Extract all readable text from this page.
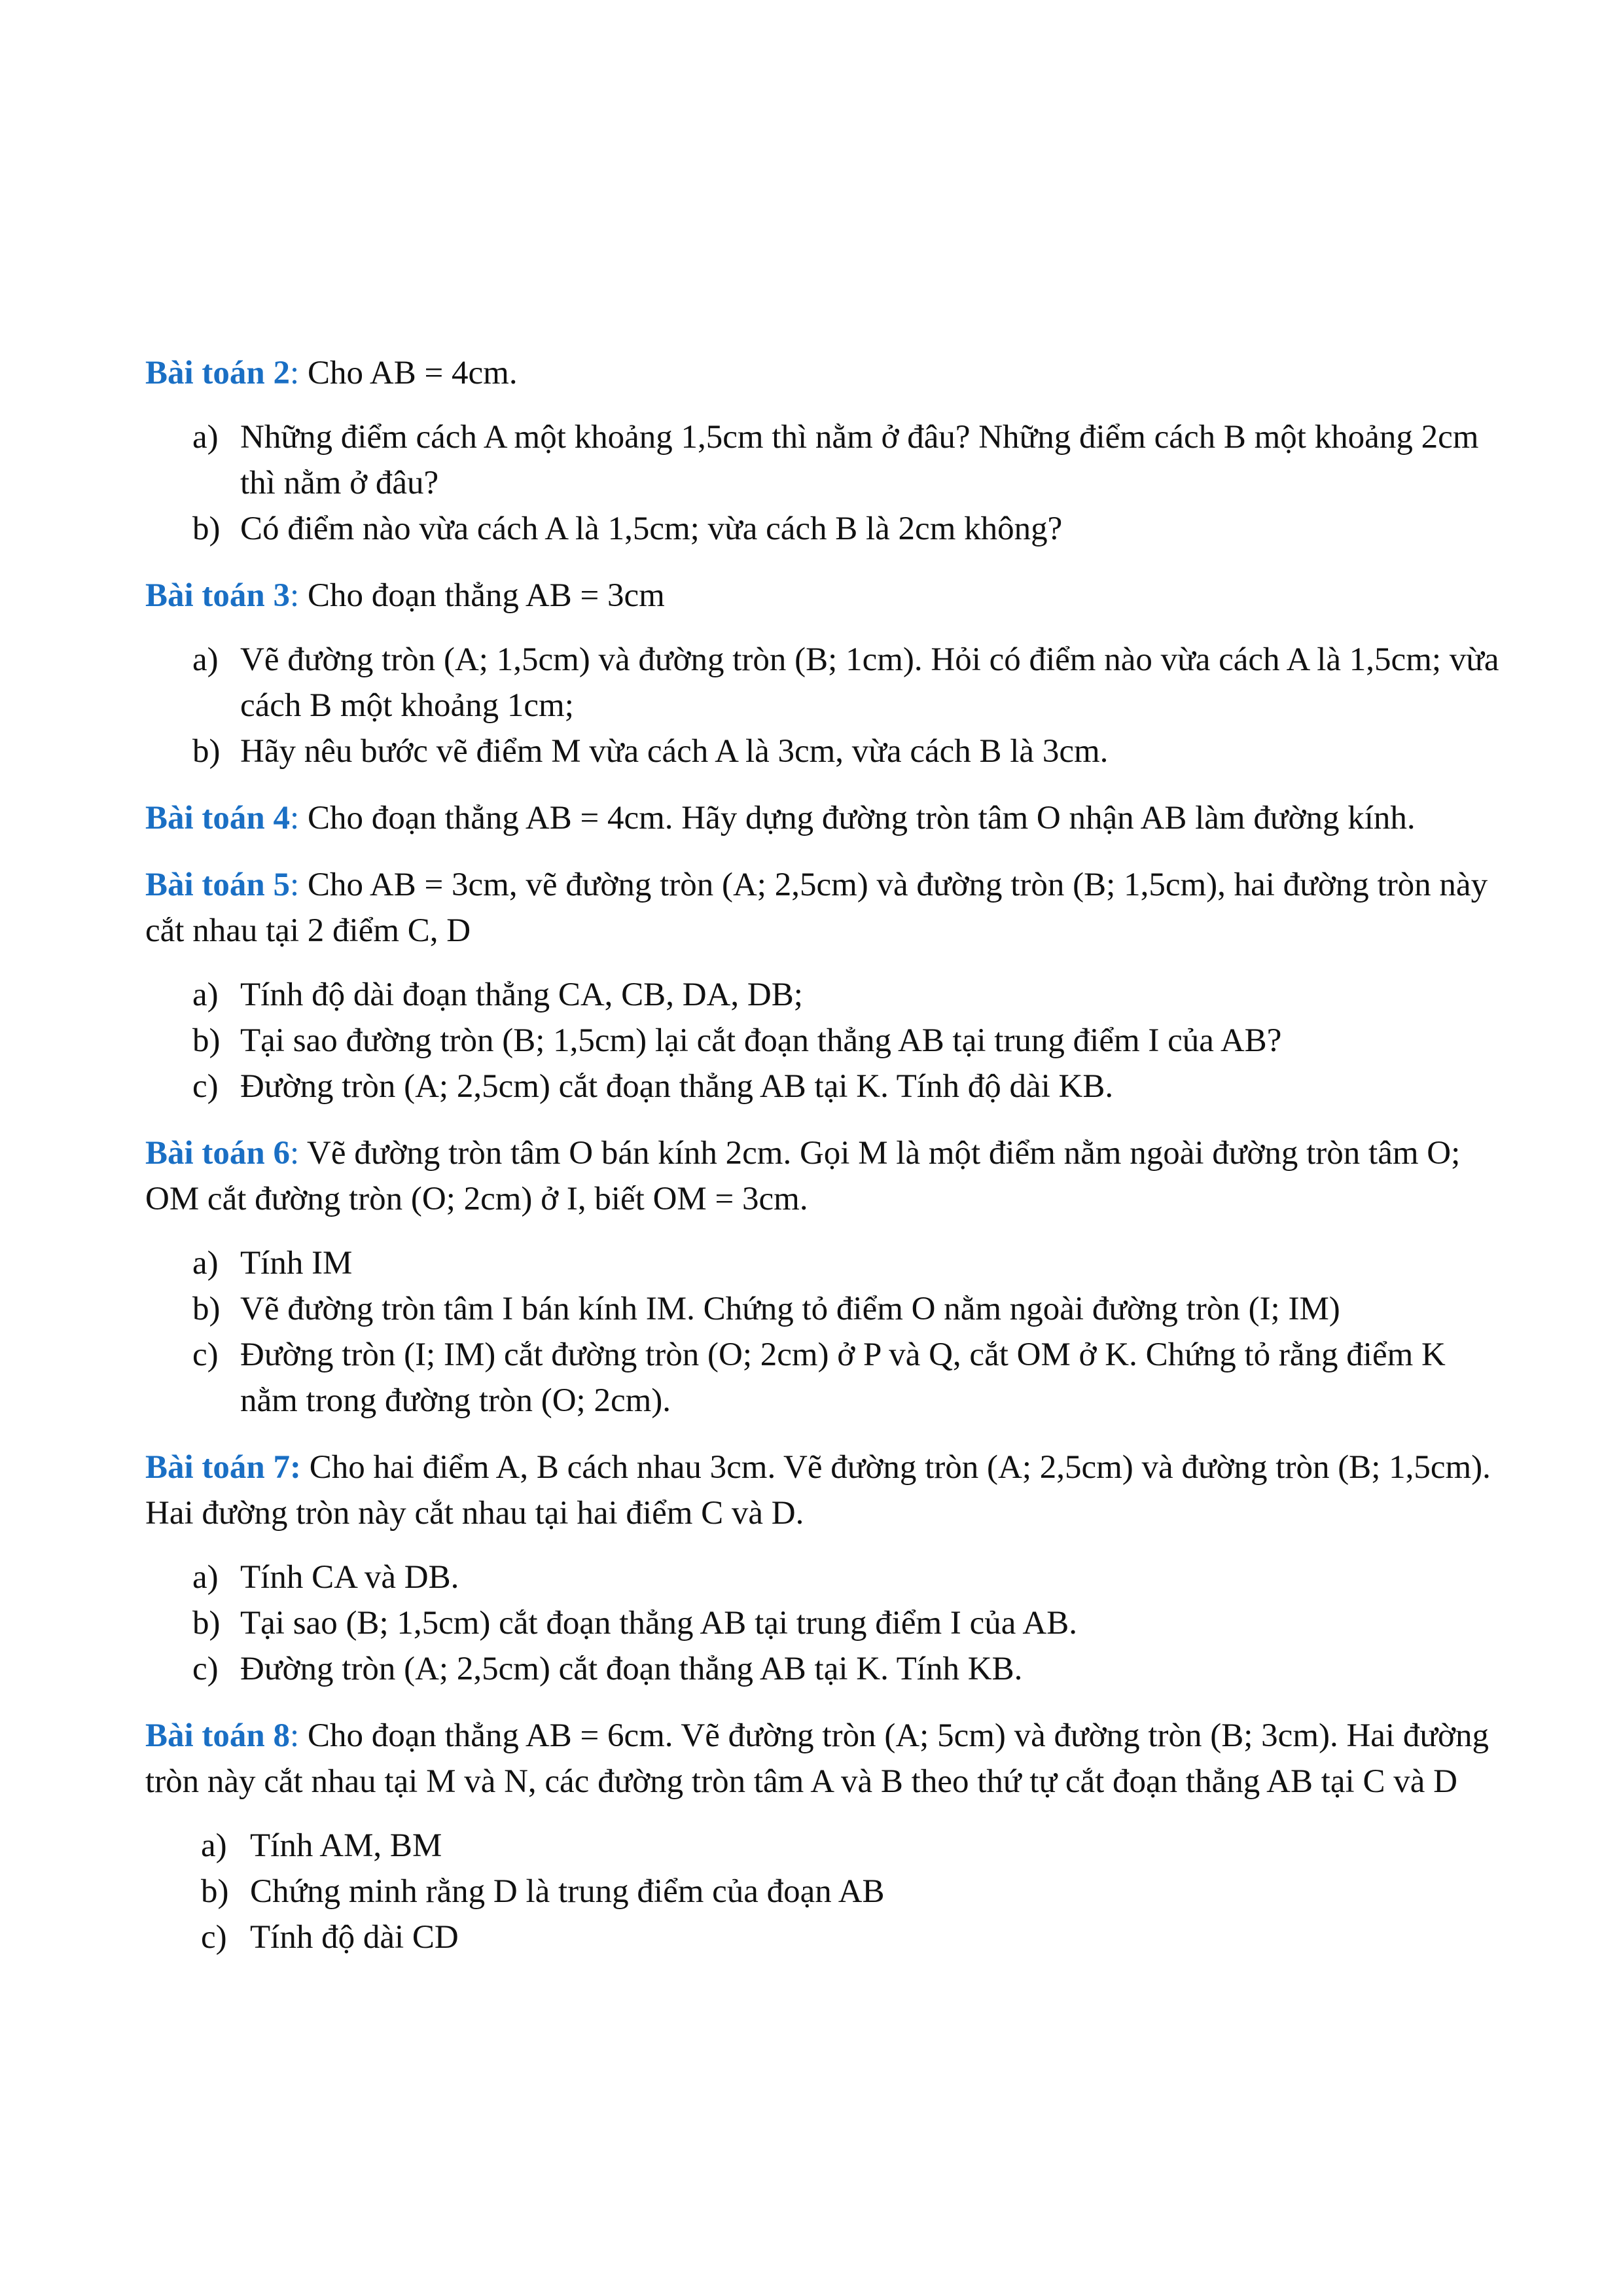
Bài toán 2: Cho AB = 4cm.

a) Những điểm cách A một khoảng 1,5cm thì nằm ở đâu? Những điểm cách B một khoảng 2cm thì nằm ở đâu?
b) Có điểm nào vừa cách A là 1,5cm; vừa cách B là 2cm không?

Bài toán 3: Cho đoạn thẳng AB = 3cm

a) Vẽ đường tròn (A; 1,5cm) và đường tròn (B; 1cm). Hỏi có điểm nào vừa cách A là 1,5cm; vừa cách B một khoảng 1cm;
b) Hãy nêu bước vẽ điểm M vừa cách A là 3cm, vừa cách B là 3cm.

Bài toán 4: Cho đoạn thẳng AB = 4cm. Hãy dựng đường tròn tâm O nhận AB làm đường kính.

Bài toán 5: Cho AB = 3cm, vẽ đường tròn (A; 2,5cm) và đường tròn (B; 1,5cm), hai đường tròn này cắt nhau tại 2 điểm C, D

a) Tính độ dài đoạn thẳng CA, CB, DA, DB;
b) Tại sao đường tròn (B; 1,5cm) lại cắt đoạn thẳng AB tại trung điểm I của AB?
c) Đường tròn (A; 2,5cm) cắt đoạn thẳng AB tại K. Tính độ dài KB.

Bài toán 6: Vẽ đường tròn tâm O bán kính 2cm. Gọi M là một điểm nằm ngoài đường tròn tâm O; OM cắt đường tròn (O; 2cm) ở I, biết OM = 3cm.

a) Tính IM
b) Vẽ đường tròn tâm I bán kính IM. Chứng tỏ điểm O nằm ngoài đường tròn (I; IM)
c) Đường tròn (I; IM) cắt đường tròn (O; 2cm) ở P và Q, cắt OM ở K. Chứng tỏ rằng điểm K nằm trong đường tròn (O; 2cm).

Bài toán 7: Cho hai điểm A, B cách nhau 3cm. Vẽ đường tròn (A; 2,5cm) và đường tròn (B; 1,5cm). Hai đường tròn này cắt nhau tại hai điểm C và D.

a) Tính CA và DB.
b) Tại sao (B; 1,5cm) cắt đoạn thẳng AB tại trung điểm I của AB.
c) Đường tròn (A; 2,5cm) cắt đoạn thẳng AB tại K. Tính KB.

Bài toán 8: Cho đoạn thẳng AB = 6cm. Vẽ đường tròn (A; 5cm) và đường tròn (B; 3cm). Hai đường tròn này cắt nhau tại M và N, các đường tròn tâm A và B theo thứ tự cắt đoạn thẳng AB tại C và D

a) Tính AM, BM
b) Chứng minh rằng D là trung điểm của đoạn AB
c) Tính độ dài CD
